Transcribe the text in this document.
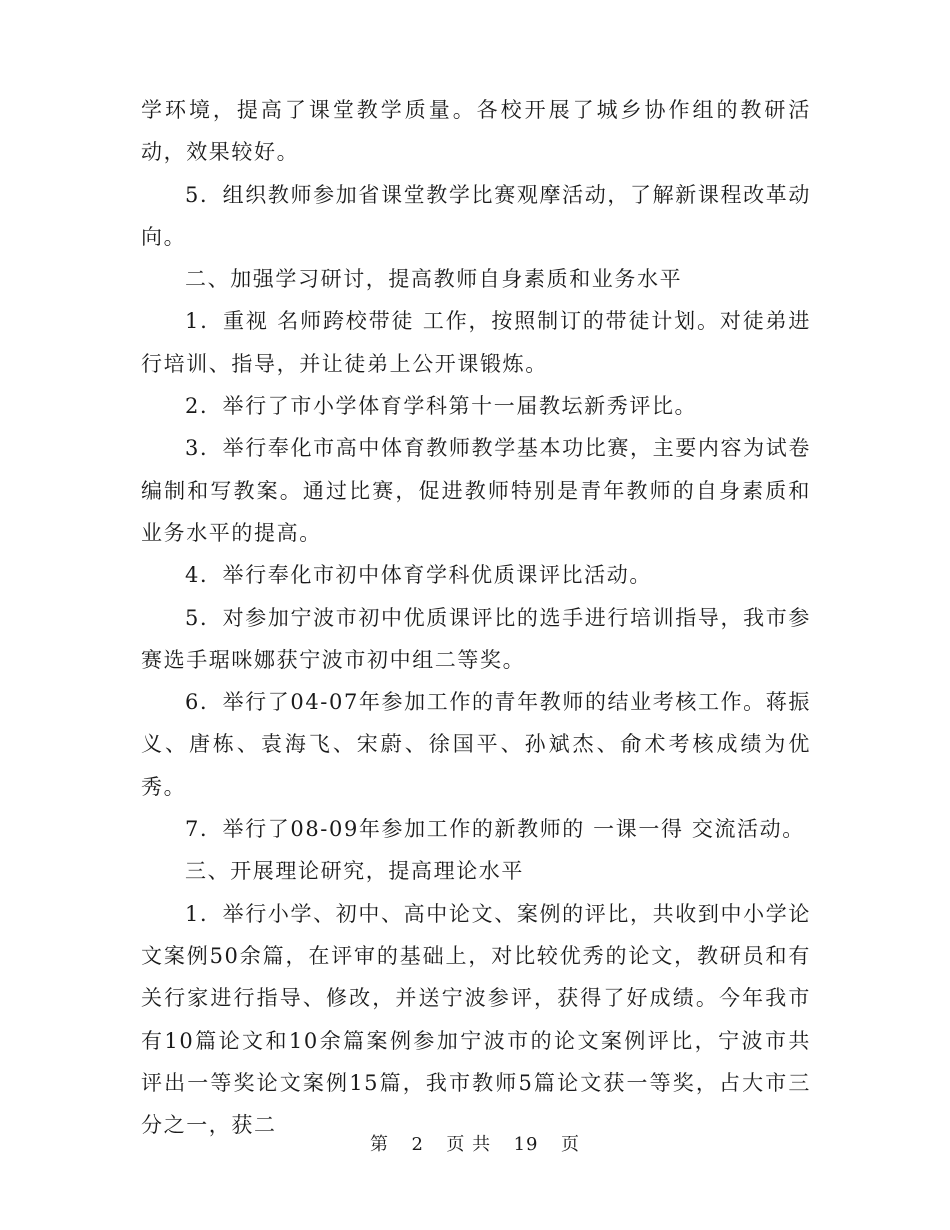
学环境，提高了课堂教学质量。各校开展了城乡协作组的教研活动，效果较好。

5．组织教师参加省课堂教学比赛观摩活动，了解新课程改革动向。

二、加强学习研讨，提高教师自身素质和业务水平

1．重视 名师跨校带徒 工作，按照制订的带徒计划。对徒弟进行培训、指导，并让徒弟上公开课锻炼。

2．举行了市小学体育学科第十一届教坛新秀评比。

3．举行奉化市高中体育教师教学基本功比赛，主要内容为试卷编制和写教案。通过比赛，促进教师特别是青年教师的自身素质和业务水平的提高。

4．举行奉化市初中体育学科优质课评比活动。

5．对参加宁波市初中优质课评比的选手进行培训指导，我市参赛选手琚咪娜获宁波市初中组二等奖。

6．举行了04-07年参加工作的青年教师的结业考核工作。蒋振义、唐栋、袁海飞、宋蔚、徐国平、孙斌杰、俞术考核成绩为优秀。

7．举行了08-09年参加工作的新教师的 一课一得 交流活动。

三、开展理论研究，提高理论水平

1．举行小学、初中、高中论文、案例的评比，共收到中小学论文案例50余篇，在评审的基础上，对比较优秀的论文，教研员和有关行家进行指导、修改，并送宁波参评，获得了好成绩。今年我市有10篇论文和10余篇案例参加宁波市的论文案例评比，宁波市共评出一等奖论文案例15篇，我市教师5篇论文获一等奖，占大市三分之一，获二

第 2 页 共 19 页
